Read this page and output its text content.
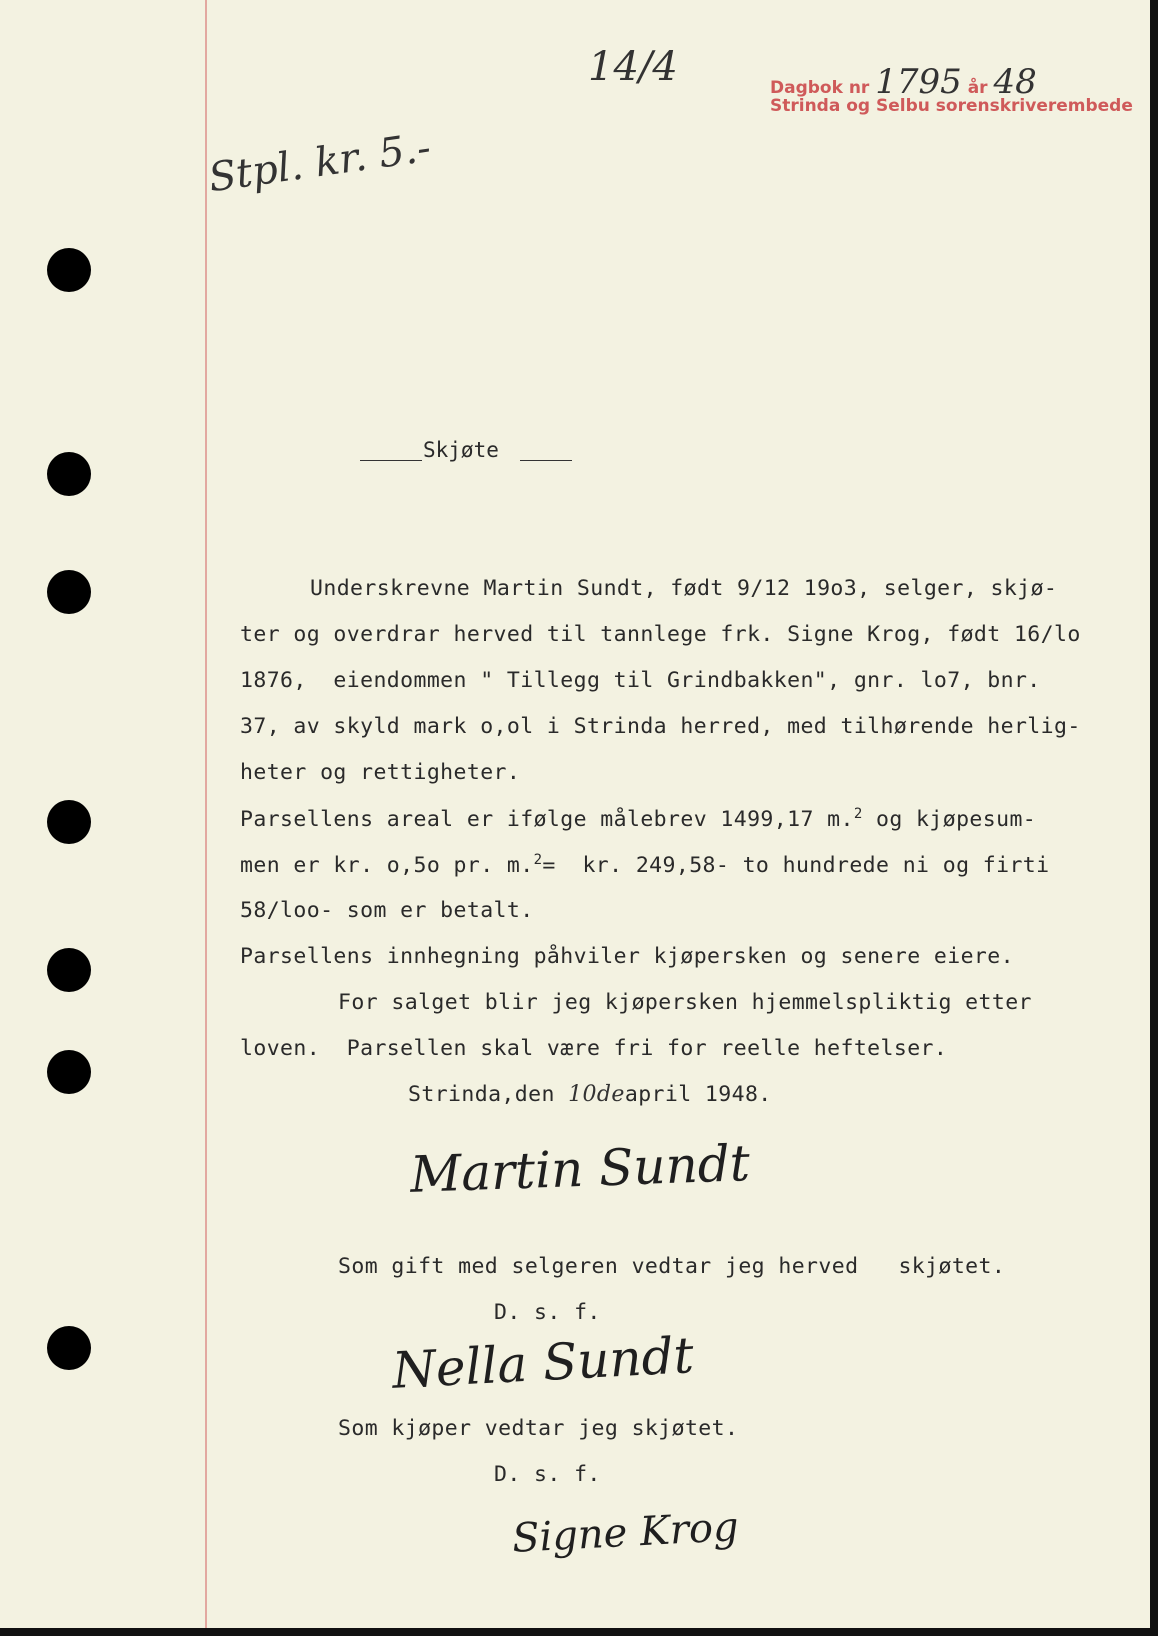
Stpl. kr. 5.-
14/4	Dagbok nr 1795 år 48
Strinda og Selbu sorenskriverembede
Skjøte
Underskrevne Martin Sundt, født 9/12 19o3, selger, skjø-
ter og overdrar herved til tannlege frk. Signe Krog, født 16/lo
1876,  eiendommen " Tillegg til Grindbakken", gnr. lo7, bnr.
37, av skyld mark o,ol i Strinda herred, med tilhørende herlig-
heter og rettigheter.
Parsellens areal er ifølge målebrev 1499,17 m.$^2$ og kjøpesum-
men er kr. o,5o pr. m.$^2$=  kr. 249,58- to hundrede ni og firti
58/loo- som er betalt.
Parsellens innhegning påhviler kjøpersken og senere eiere.
For salget blir jeg kjøpersken hjemmelspliktig etter
loven.  Parsellen skal være fri for reelle heftelser.
Strinda,den 10deapril 1948.
Martin Sundt
Som gift med selgeren vedtar jeg herved   skjøtet.
D. s. f.
Nella Sundt
Som kjøper vedtar jeg skjøtet.
D. s. f.
Signe Krog
